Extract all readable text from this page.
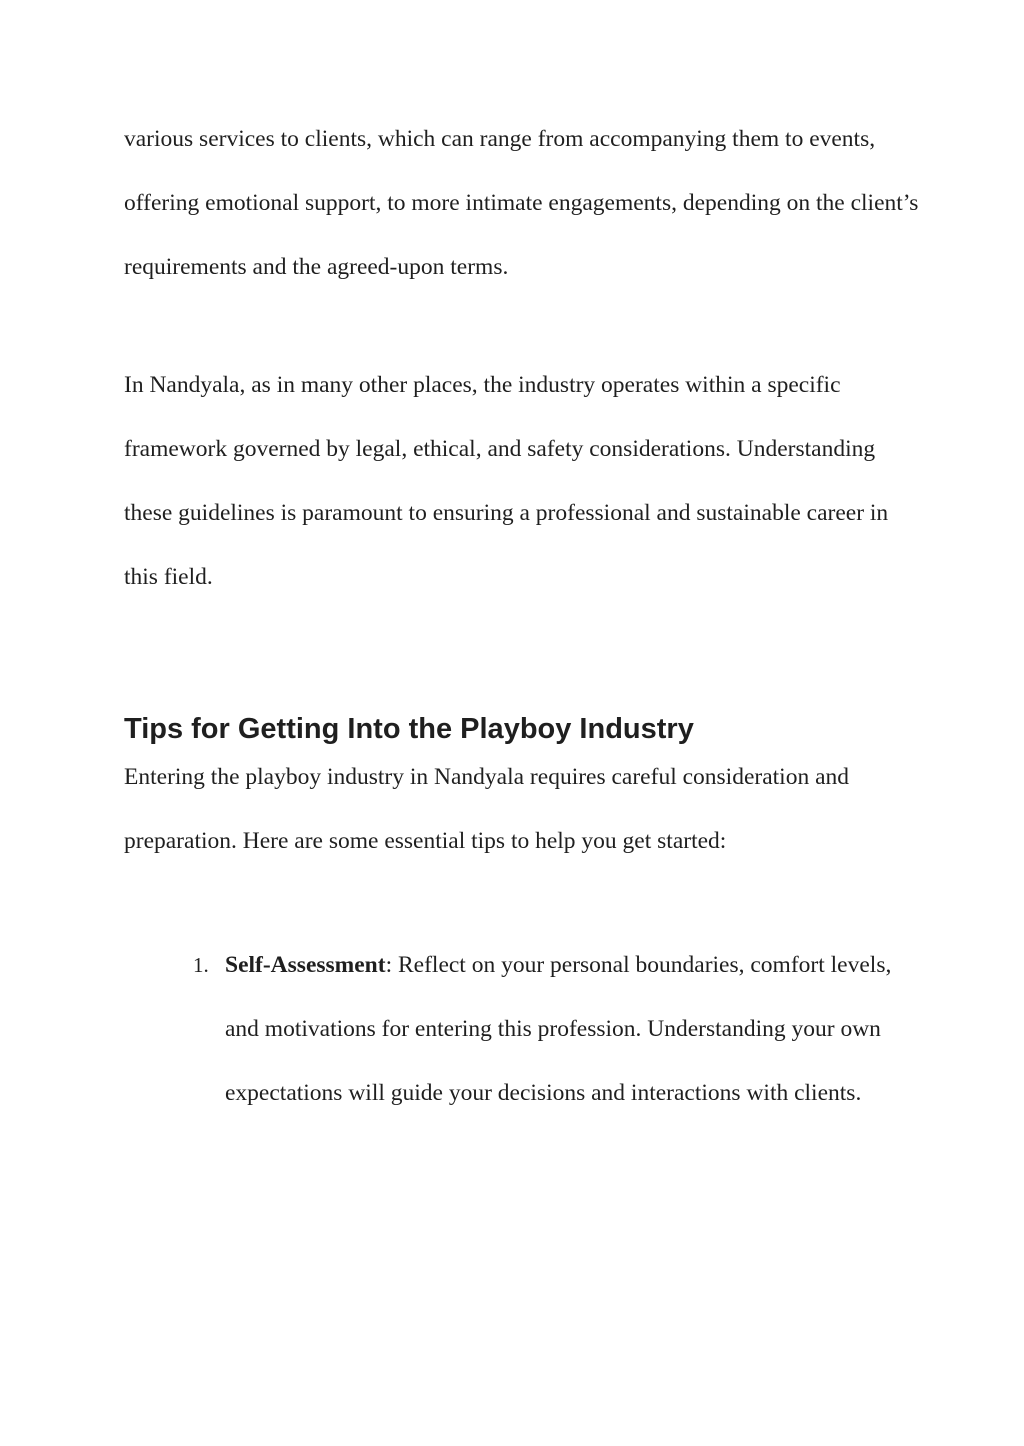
various services to clients, which can range from accompanying them to events, offering emotional support, to more intimate engagements, depending on the client’s requirements and the agreed-upon terms.

In Nandyala, as in many other places, the industry operates within a specific framework governed by legal, ethical, and safety considerations. Understanding these guidelines is paramount to ensuring a professional and sustainable career in this field.

Tips for Getting Into the Playboy Industry

Entering the playboy industry in Nandyala requires careful consideration and preparation. Here are some essential tips to help you get started:

1. Self-Assessment: Reflect on your personal boundaries, comfort levels, and motivations for entering this profession. Understanding your own expectations will guide your decisions and interactions with clients.
